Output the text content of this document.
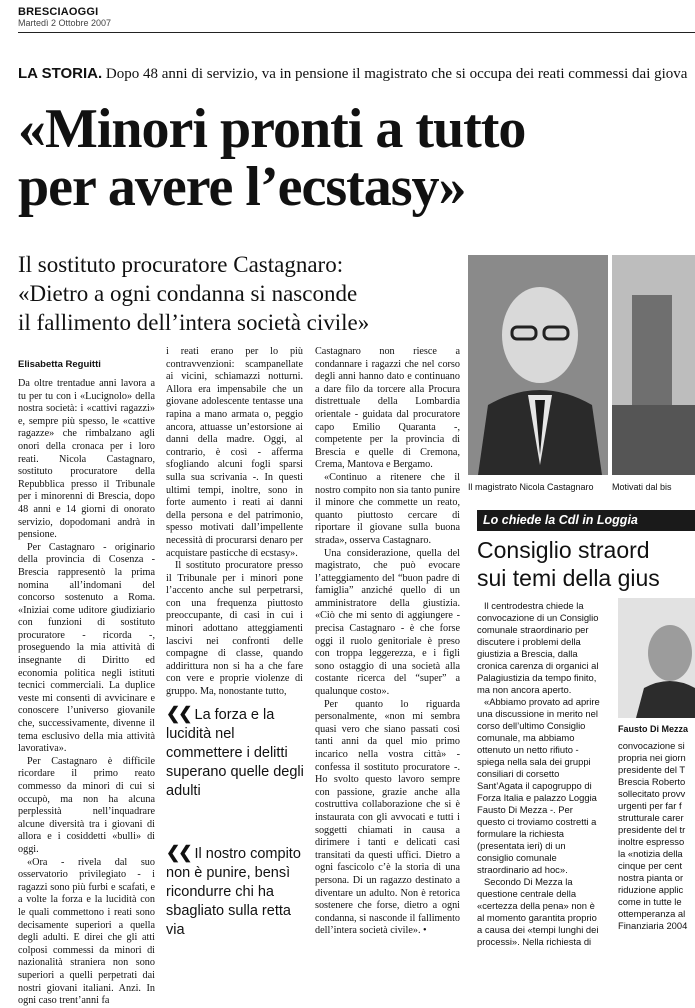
BRESCIAOGGI
Martedì 2 Ottobre 2007
LA STORIA. Dopo 48 anni di servizio, va in pensione il magistrato che si occupa dei reati commessi dai giova
«Minori pronti a tutto
per avere l’ecstasy»
Il sostituto procuratore Castagnaro:
«Dietro a ogni condanna si nasconde
il fallimento dell’intera società civile»
Elisabetta Reguitti

Da oltre trentadue anni lavora a tu per tu con i «Lucignolo» della nostra società: i «cattivi ragazzi» e, sempre più spesso, le «cattive ragazze» che rimbalzano agli onori della cronaca per i loro reati. Nicola Castagnaro, sostituto procuratore della Repubblica presso il Tribunale per i minorenni di Brescia, dopo 48 anni e 14 giorni di onorato servizio, dopodomani andrà in pensione.

Per Castagnaro - originario della provincia di Cosenza - Brescia rappresentò la prima nomina all’indomani del concorso sostenuto a Roma. «Iniziai come uditore giudiziario con funzioni di sostituto procuratore - ricorda -, proseguendo la mia attività di insegnante di Diritto ed economia politica negli istituti tecnici commerciali. La duplice veste mi consentì di avvicinare e conoscere l’universo giovanile che, successivamente, divenne il tema esclusivo della mia attività lavorativa».

Per Castagnaro è difficile ricordare il primo reato commesso da minori di cui si occupò, ma non ha alcuna perplessità nell’inquadrare alcune diversità tra i giovani di allora e i cosiddetti «bulli» di oggi.

«Ora - rivela dal suo osservatorio privilegiato - i ragazzi sono più furbi e scafati, e a volte la forza e la lucidità con le quali commettono i reati sono decisamente superiori a quella degli adulti. E direi che gli atti colposi commessi da minori di nazionalità straniera non sono superiori a quelli perpetrati dai nostri giovani italiani. Anzi. In ogni caso trent’anni fa

i reati erano per lo più contravvenzioni: scampanellate ai vicini, schiamazzi notturni. Allora era impensabile che un giovane adolescente tentasse una rapina a mano armata o, peggio ancora, attuasse un’estorsione ai danni della madre. Oggi, al contrario, è così - afferma sfogliando alcuni fogli sparsi sulla sua scrivania -. In questi ultimi tempi, inoltre, sono in forte aumento i reati ai danni della persona e del patrimonio, spesso motivati dall’impellente necessità di procurarsi denaro per acquistare pasticche di ecstasy».

Il sostituto procuratore presso il Tribunale per i minori pone l’accento anche sul perpetrarsi, con una frequenza piuttosto preoccupante, di casi in cui i minori adottano atteggiamenti lascivi nei confronti delle compagne di classe, quando addirittura non si ha a che fare con vere e proprie violenze di gruppo. Ma, nonostante tutto,

❮❮ La forza e la lucidità nel commettere i delitti superano quelle degli adulti
❮❮ Il nostro compito non è punire, bensì ricondurre chi ha sbagliato sulla retta via

Castagnaro non riesce a condannare i ragazzi che nel corso degli anni hanno dato e continuano a dare filo da torcere alla Procura distrettuale della Lombardia orientale - guidata dal procuratore capo Emilio Quaranta -, competente per la provincia di Brescia e quelle di Cremona, Crema, Mantova e Bergamo.

«Continuo a ritenere che il nostro compito non sia tanto punire il minore che commette un reato, quanto piuttosto cercare di riportare il giovane sulla buona strada», osserva Castagnaro.

Una considerazione, quella del magistrato, che può evocare l’atteggiamento del “buon padre di famiglia” anziché quello di un amministratore della giustizia. «Ciò che mi sento di aggiungere - precisa Castagnaro - è che forse oggi il ruolo genitoriale è preso con troppa leggerezza, e i figli sono ostaggio di una società alla costante ricerca del “super” a qualunque costo».

Per quanto lo riguarda personalmente, «non mi sembra quasi vero che siano passati così tanti anni da quel mio primo incarico nella vostra città» - confessa il sostituto procuratore -. Ho svolto questo lavoro sempre con passione, grazie anche alla costruttiva collaborazione che si è instaurata con gli avvocati e tutti i soggetti chiamati in causa a dirimere i tanti e delicati casi transitati da questi uffici. Dietro a ogni fascicolo c’è la storia di una persona. Di un ragazzo destinato a diventare un adulto. Non è retorica sostenere che forse, dietro a ogni condanna, si nasconde il fallimento dell’intera società civile». •

Il magistrato Nicola Castagnaro Motivati dal bis
Lo chiede la Cdl in Loggia
Consiglio straord
sui temi della gius

Il centrodestra chiede la convocazione di un Consiglio comunale straordinario per discutere i problemi della giustizia a Brescia, dalla cronica carenza di organici al Palagiustizia da tempo finito, ma non ancora aperto.

«Abbiamo provato ad aprire una discussione in merito nel corso dell’ultimo Consiglio comunale, ma abbiamo ottenuto un netto rifiuto - spiega nella sala dei gruppi consiliari di corsetto Sant’Agata il capogruppo di Forza Italia e palazzo Loggia Fausto Di Mezza -. Per questo ci troviamo costretti a formulare la richiesta (presentata ieri) di un consiglio comunale straordinario ad hoc».

Secondo Di Mezza la questione centrale della «certezza della pena» non è al momento garantita proprio a causa dei «tempi lunghi dei processi». Nella richiesta di

Fausto Di Mezza
convocazione si
propria nei giorn
presidente del T
Brescia Roberto
sollecitato provv
urgenti per far f
strutturale carer
presidente del tr
inoltre espresso
la «notizia della
cinque per cent
nostra pianta or
riduzione applic
come in tutte le
ottemperanza al
Finanziaria 2004
